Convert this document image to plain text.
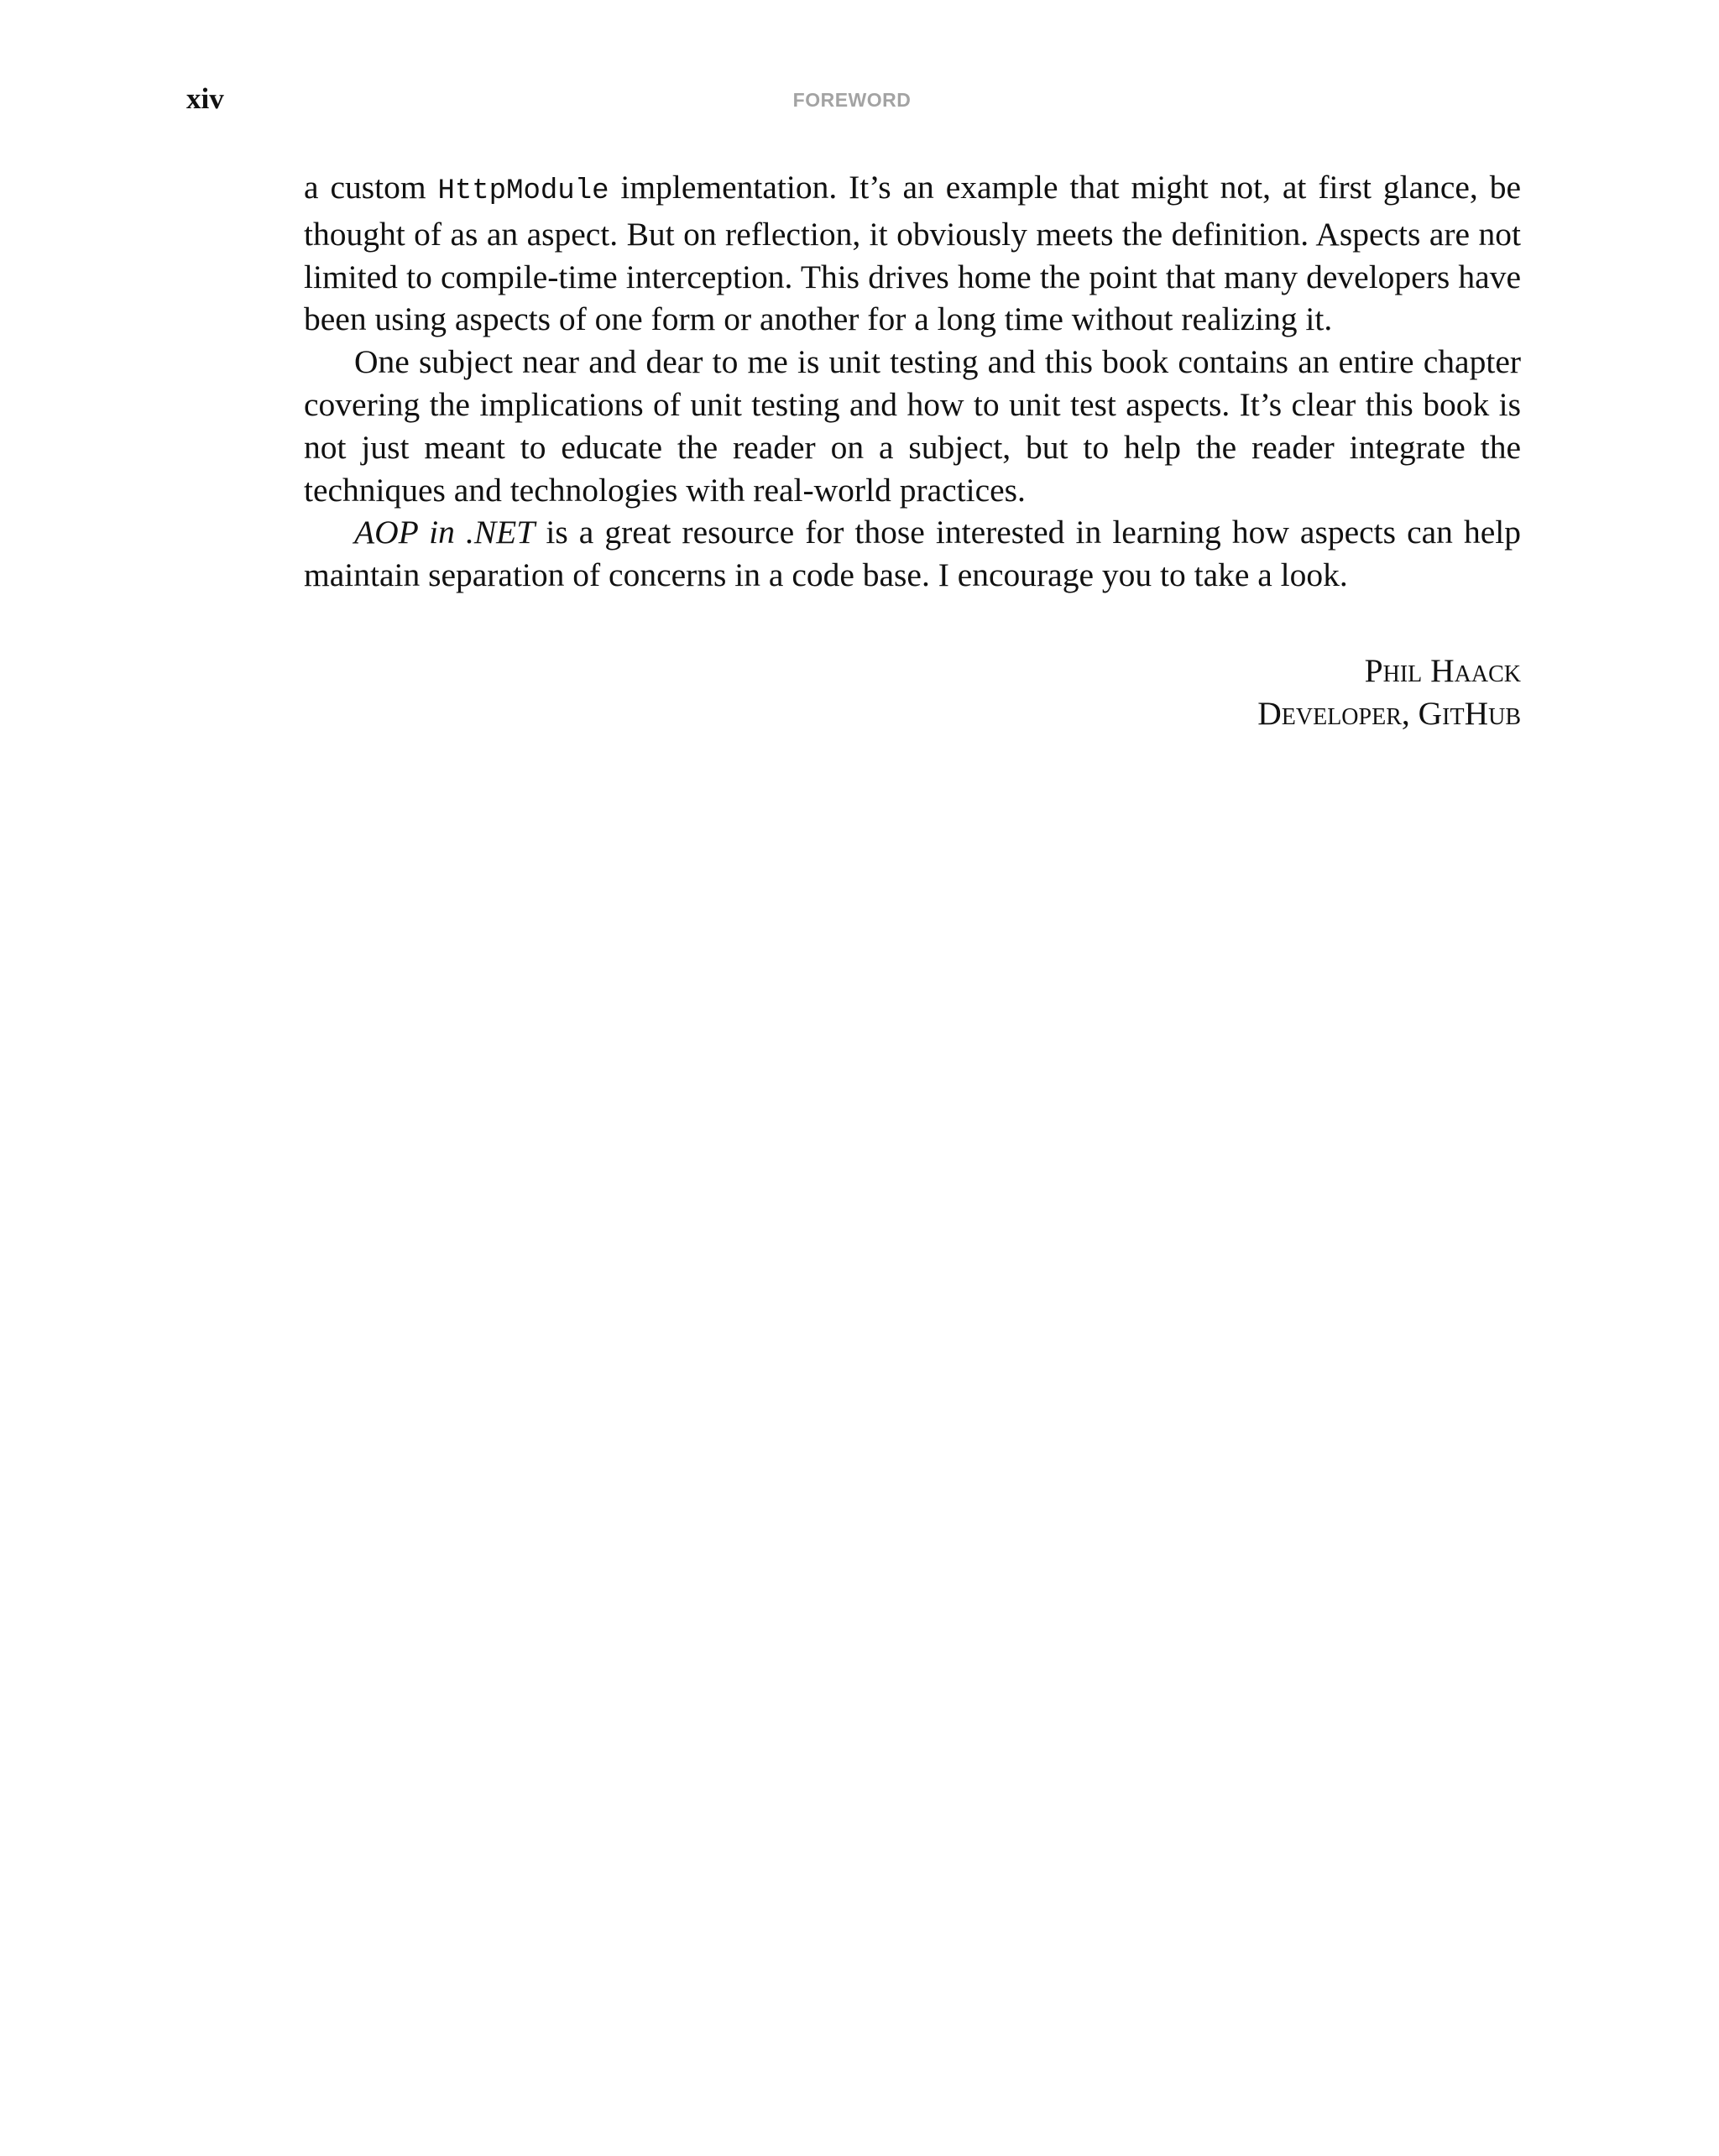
xiv	FOREWORD

a custom HttpModule implementation. It’s an example that might not, at first glance, be thought of as an aspect. But on reflection, it obviously meets the definition. Aspects are not limited to compile-time interception. This drives home the point that many developers have been using aspects of one form or another for a long time without realizing it.

One subject near and dear to me is unit testing and this book contains an entire chapter covering the implications of unit testing and how to unit test aspects. It’s clear this book is not just meant to educate the reader on a subject, but to help the reader integrate the techniques and technologies with real-world practices.

AOP in .NET is a great resource for those interested in learning how aspects can help maintain separation of concerns in a code base. I encourage you to take a look.

Phil Haack
Developer, GitHub
